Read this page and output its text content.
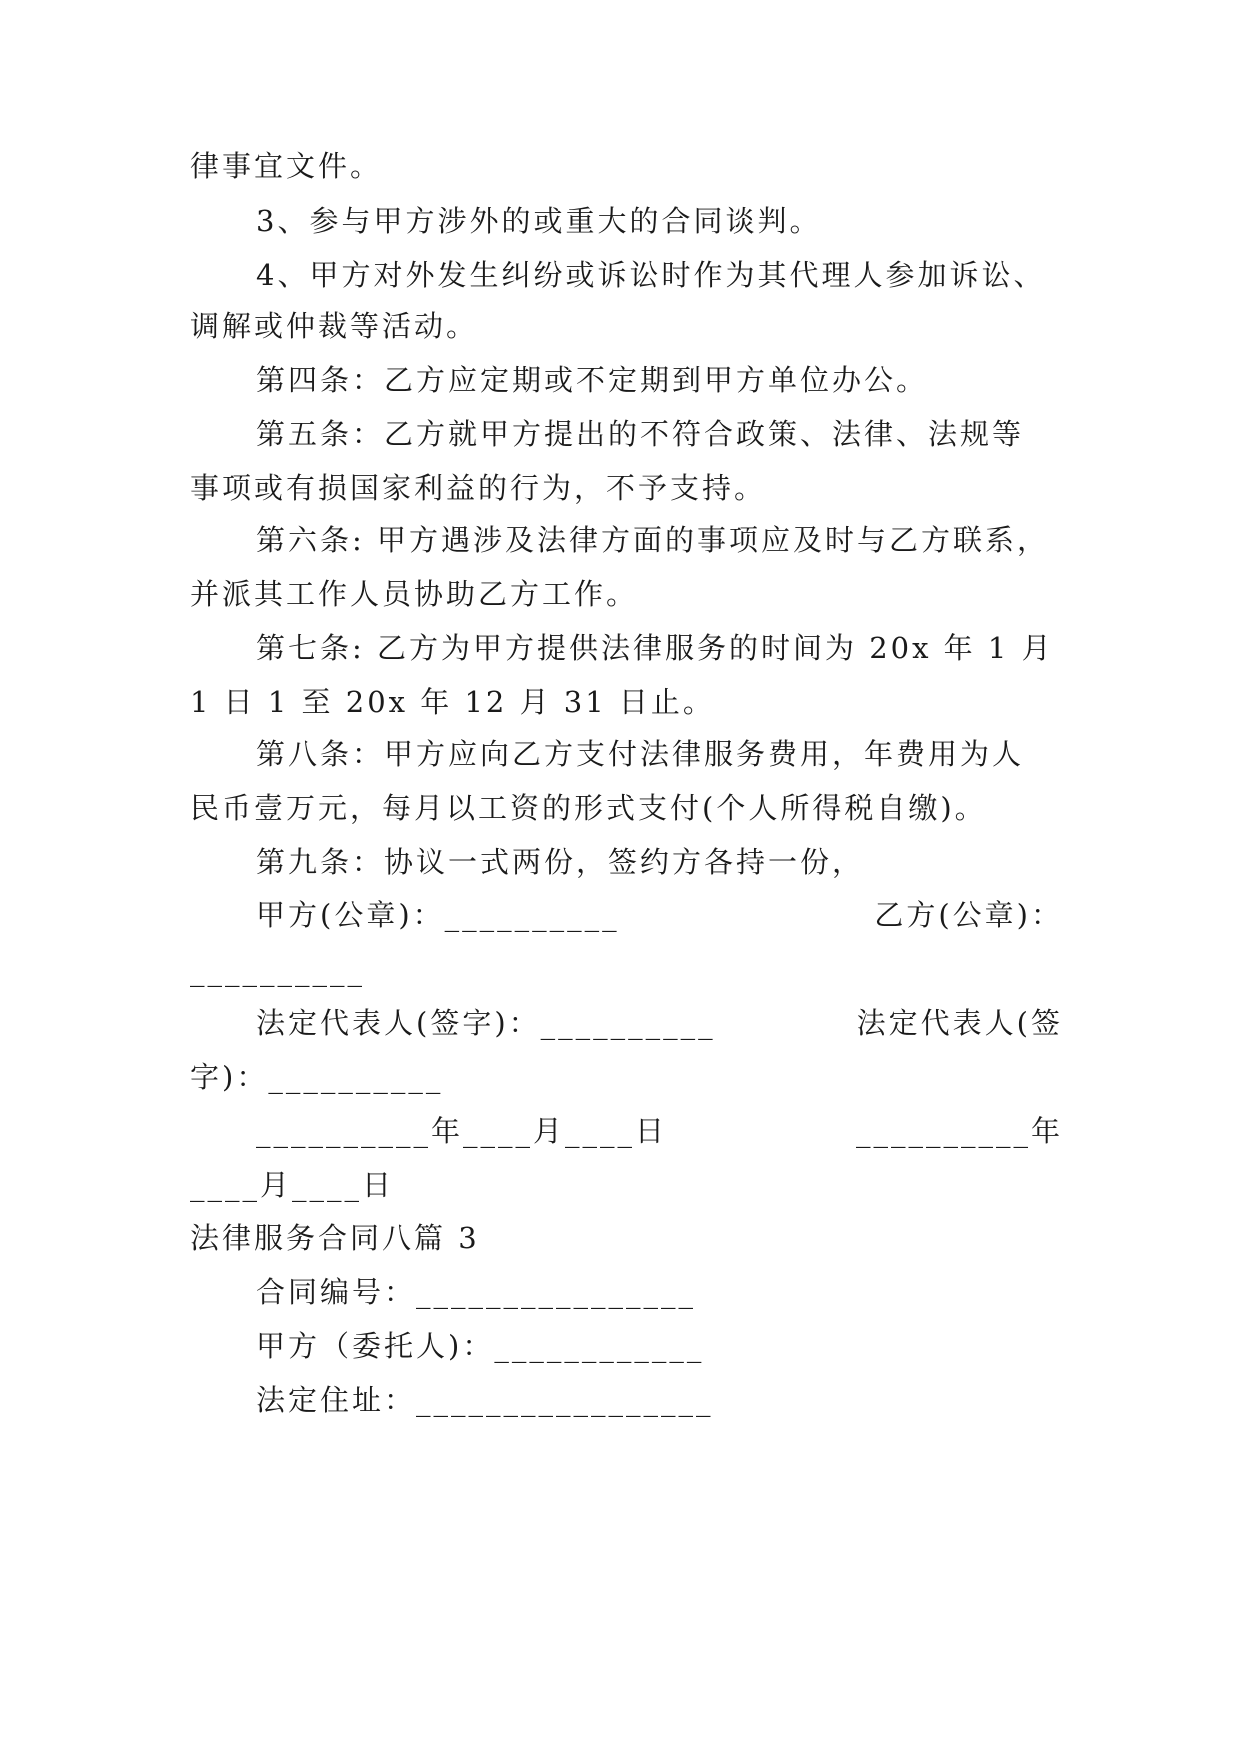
律事宜文件。
3、参与甲方涉外的或重大的合同谈判。
4、甲方对外发生纠纷或诉讼时作为其代理人参加诉讼、
调解或仲裁等活动。
第四条：乙方应定期或不定期到甲方单位办公。
第五条：乙方就甲方提出的不符合政策、法律、法规等
事项或有损国家利益的行为，不予支持。
第六条: 甲方遇涉及法律方面的事项应及时与乙方联系，
并派其工作人员协助乙方工作。
第七条: 乙方为甲方提供法律服务的时间为 20x 年 1 月
1 日 1 至 20x 年 12 月 31 日止。
第八条：甲方应向乙方支付法律服务费用，年费用为人
民币壹万元，每月以工资的形式支付(个人所得税自缴)。
第九条：协议一式两份，签约方各持一份，
甲方(公章)：__________	乙方(公章)：
__________
法定代表人(签字)：__________	法定代表人(签
字)：__________
__________年____月____日	__________年
____月____日
法律服务合同八篇 3
合同编号：________________
甲方（委托人)：____________
法定住址：_________________
